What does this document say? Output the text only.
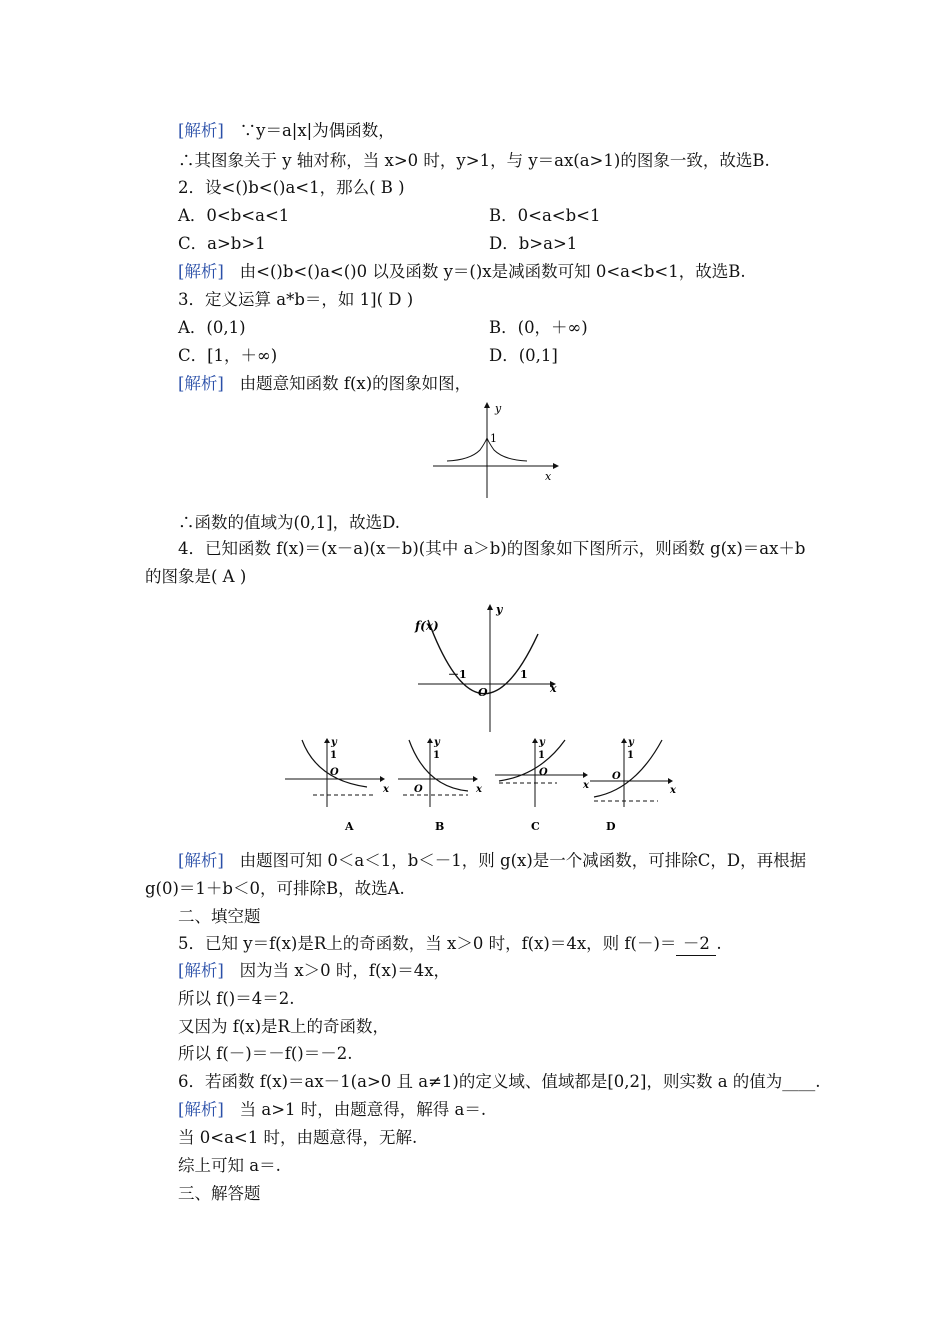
[解析] ∵y＝a|x|为偶函数，
∴其图象关于 y 轴对称，当 x>0 时，y>1，与 y＝ax(a>1)的图象一致，故选B.
2．设<()b<()a<1，那么( B )
A．0<b<a<1	B．0<a<b<1
C．a>b>1	D．b>a>1
[解析] 由<()b<()a<()0 以及函数 y＝()x是减函数可知 0<a<b<1，故选B.
3．定义运算 a*b＝，如 1]( D )
A．(0,1)	B．(0，＋∞)
C．[1，＋∞)	D．(0,1]
[解析] 由题意知函数 f(x)的图象如图，
y
x
1
∴函数的值域为(0,1]，故选D.
4．已知函数 f(x)＝(x－a)(x－b)(其中 a＞b)的图象如下图所示，则函数 g(x)＝ax＋b
的图象是( A )
f(x)
y
x
－1	1
O
y
1
O
x
A
y
1
O	x
B
y
1
O
x
C
y
1
O
x
D
[解析] 由题图可知 0＜a＜1，b＜－1，则 g(x)是一个减函数，可排除C，D，再根据
g(0)＝1＋b＜0，可排除B，故选A.
二、填空题
5．已知 y＝f(x)是R上的奇函数，当 x＞0 时，f(x)＝4x，则 f(－)＝ －2 .
[解析] 因为当 x＞0 时，f(x)＝4x，
所以 f()＝4＝2.
又因为 f(x)是R上的奇函数，
所以 f(－)＝－f()＝－2.
6．若函数 f(x)＝ax－1(a>0 且 a≠1)的定义域、值域都是[0,2]，则实数 a 的值为____.
[解析] 当 a>1 时，由题意得，解得 a＝.
当 0<a<1 时，由题意得，无解.
综上可知 a＝.
三、解答题
